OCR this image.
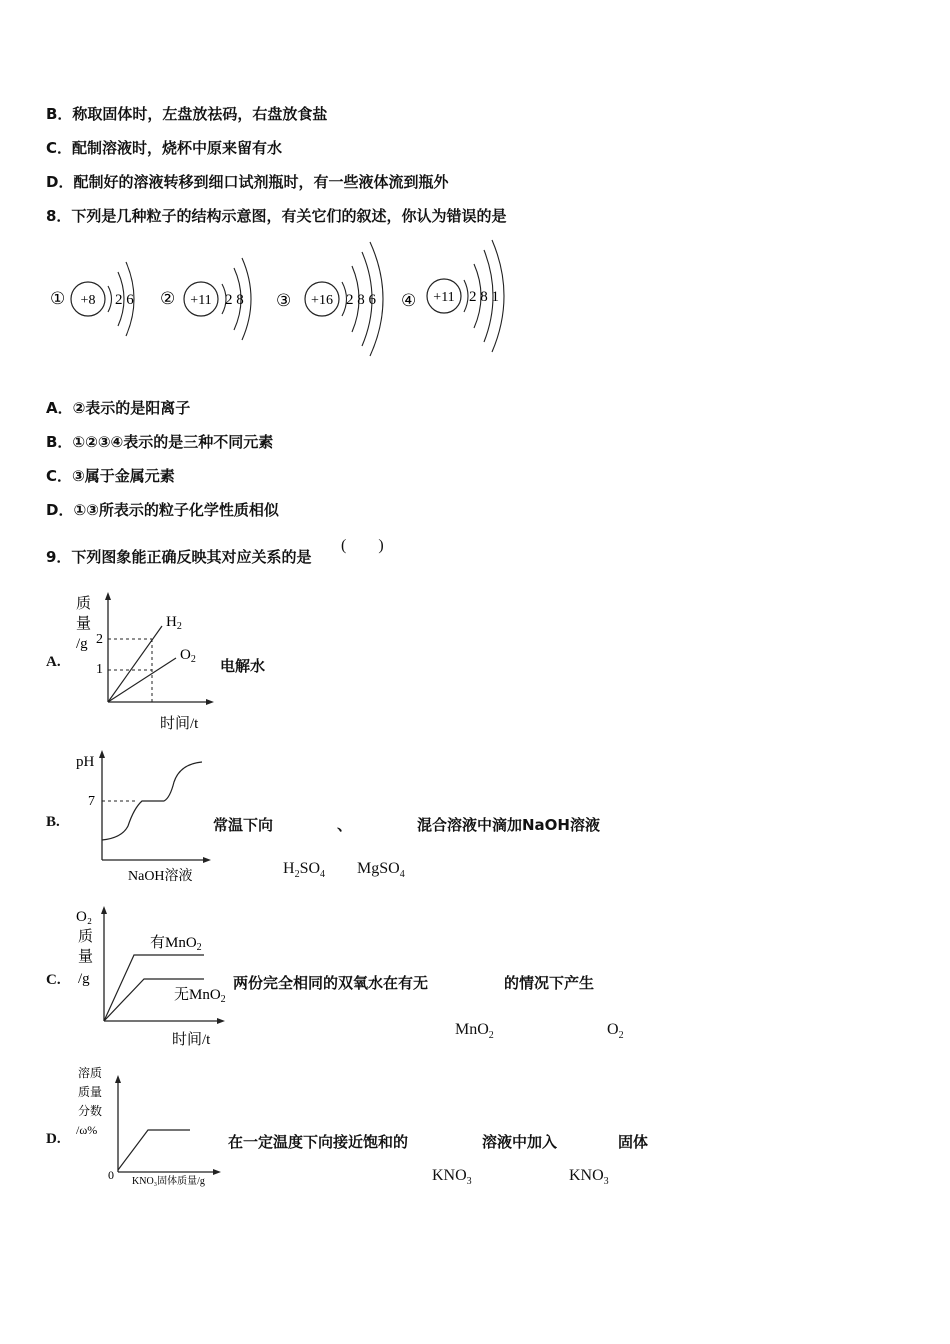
B．称取固体时，左盘放祛码，右盘放食盐
C．配制溶液时，烧杯中原来留有水
D．配制好的溶液转移到细口试剂瓶时，有一些液体流到瓶外
8．下列是几种粒子的结构示意图，有关它们的叙述，你认为错误的是
① +8 2 6 ② +11 2 8 ③ +16 2 8 6 ④ +11 2 8 1
A．②表示的是阳离子
B．①②③④表示的是三种不同元素
C．③属于金属元素
D．①③所表示的粒子化学性质相似
9．下列图象能正确反映其对应关系的是
(　　)
A.
质
量
/g 2
1
$H_2$
$O_2$
时间/t
电解水
B.
pH
7
NaOH溶液
常温下向	、	混合溶液中滴加NaOH溶液
$H_2SO_4$ MgSO$_4$
C.
O₂
质
量
/g
有MnO$_2$
无MnO$_2$
时间/t
两份完全相同的双氧水在有无	的情况下产生
MnO$_2$	$O_2$
D.
溶质
质量
分数
/ω%
0 KNO₃固体质量/g
在一定温度下向接近饱和的	溶液中加入	固体
$KNO_3$	$KNO_3$
